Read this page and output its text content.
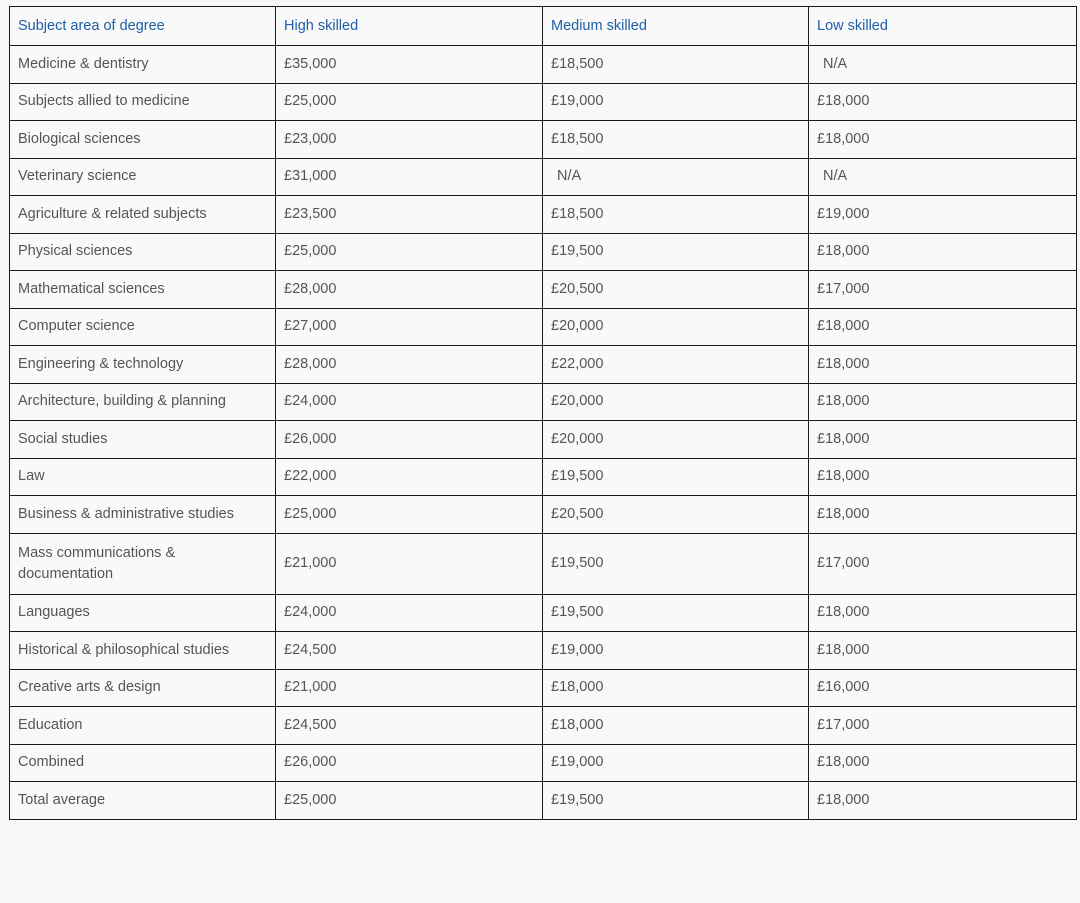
Subject area of degree	High skilled	Medium skilled	Low skilled
Medicine & dentistry	£35,000	£18,500	N/A
Subjects allied to medicine	£25,000	£19,000	£18,000
Biological sciences	£23,000	£18,500	£18,000
Veterinary science	£31,000	N/A	N/A
Agriculture & related subjects	£23,500	£18,500	£19,000
Physical sciences	£25,000	£19,500	£18,000
Mathematical sciences	£28,000	£20,500	£17,000
Computer science	£27,000	£20,000	£18,000
Engineering & technology	£28,000	£22,000	£18,000
Architecture, building & planning	£24,000	£20,000	£18,000
Social studies	£26,000	£20,000	£18,000
Law	£22,000	£19,500	£18,000
Business & administrative studies	£25,000	£20,500	£18,000
Mass communications & documentation	£21,000	£19,500	£17,000
Languages	£24,000	£19,500	£18,000
Historical & philosophical studies	£24,500	£19,000	£18,000
Creative arts & design	£21,000	£18,000	£16,000
Education	£24,500	£18,000	£17,000
Combined	£26,000	£19,000	£18,000
Total average	£25,000	£19,500	£18,000
